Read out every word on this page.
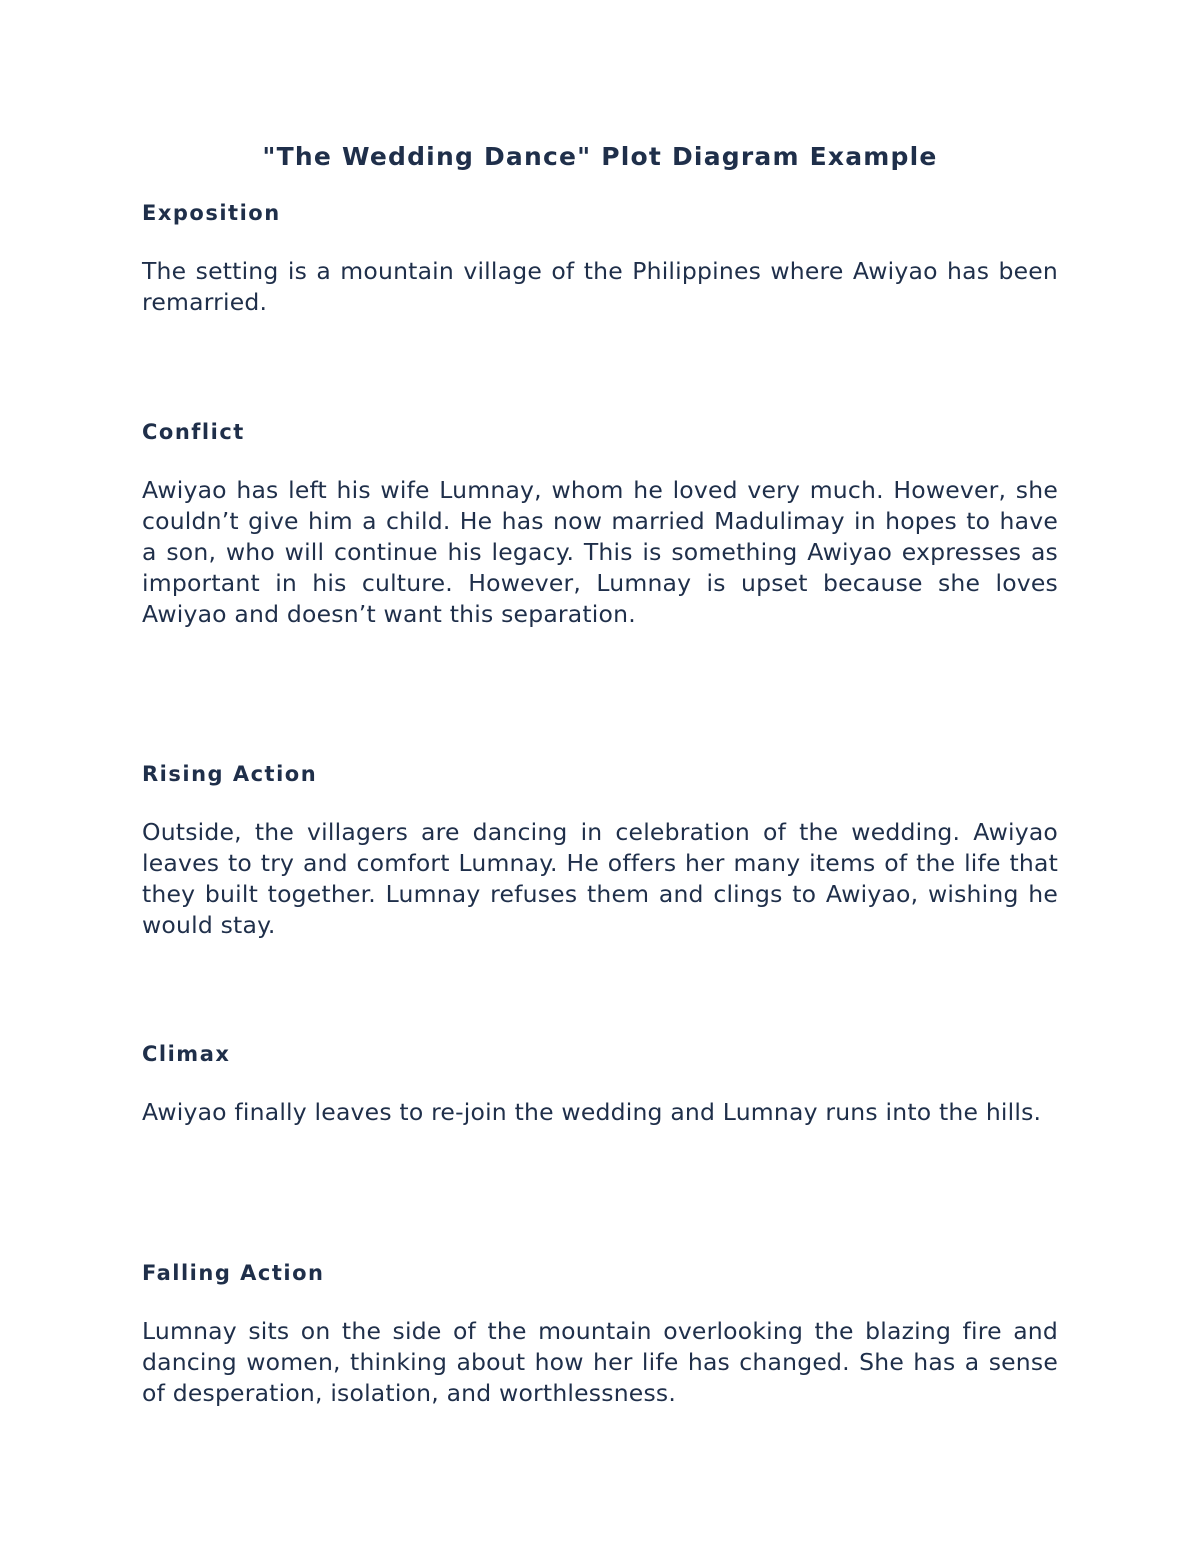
"The Wedding Dance" Plot Diagram Example
Exposition

The setting is a mountain village of the Philippines where Awiyao has been remarried.

Conflict

Awiyao has left his wife Lumnay, whom he loved very much. However, she couldn’t give him a child. He has now married Madulimay in hopes to have a son, who will continue his legacy. This is something Awiyao expresses as important in his culture. However, Lumnay is upset because she loves Awiyao and doesn’t want this separation.

Rising Action

Outside, the villagers are dancing in celebration of the wedding. Awiyao leaves to try and comfort Lumnay. He offers her many items of the life that they built together. Lumnay refuses them and clings to Awiyao, wishing he would stay.

Climax

Awiyao finally leaves to re-join the wedding and Lumnay runs into the hills.

Falling Action

Lumnay sits on the side of the mountain overlooking the blazing fire and dancing women, thinking about how her life has changed. She has a sense of desperation, isolation, and worthlessness.
